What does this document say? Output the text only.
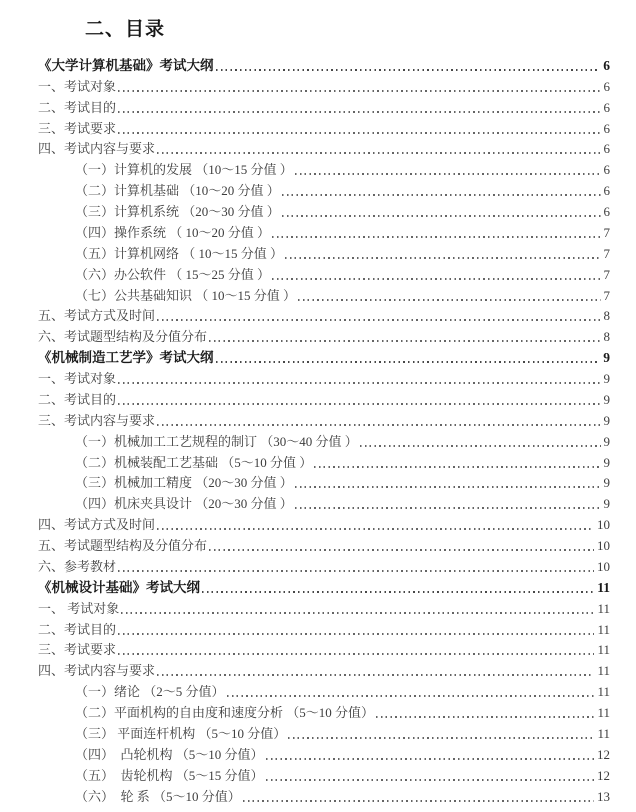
二、目录
《大学计算机基础》考试大纲	6
一、考试对象	6
二、考试目的	6
三、考试要求	6
四、考试内容与要求	6
（一）计算机的发展 （10～15 分值 ）	6
（二）计算机基础 （10～20 分值 ）	6
（三）计算机系统 （20～30 分值 ）	6
（四）操作系统 （ 10～20 分值 ）	7
（五）计算机网络 （ 10～15 分值 ）	7
（六）办公软件 （ 15～25 分值 ）	7
（七）公共基础知识 （ 10～15 分值 ）	7
五、考试方式及时间	8
六、考试题型结构及分值分布	8
《机械制造工艺学》考试大纲	9
一、考试对象	9
二、考试目的	9
三、考试内容与要求	9
（一）机械加工工艺规程的制订 （30～40 分值 ）	9
（二）机械装配工艺基础 （5～10 分值 ）	9
（三）机械加工精度 （20～30 分值 ）	9
（四）机床夹具设计 （20～30 分值 ）	9
四、考试方式及时间	10
五、考试题型结构及分值分布	10
六、参考教材	10
《机械设计基础》考试大纲	11
一、 考试对象	11
二、考试目的	11
三、考试要求	11
四、考试内容与要求	11
（一）绪论 （2～5 分值）	11
（二）平面机构的自由度和速度分析 （5～10 分值）	11
（三） 平面连杆机构 （5～10 分值）	11
（四）　凸轮机构 （5～10 分值）	12
（五）　齿轮机构 （5～15 分值）	12
（六）　轮 系 （5～10 分值）	13
